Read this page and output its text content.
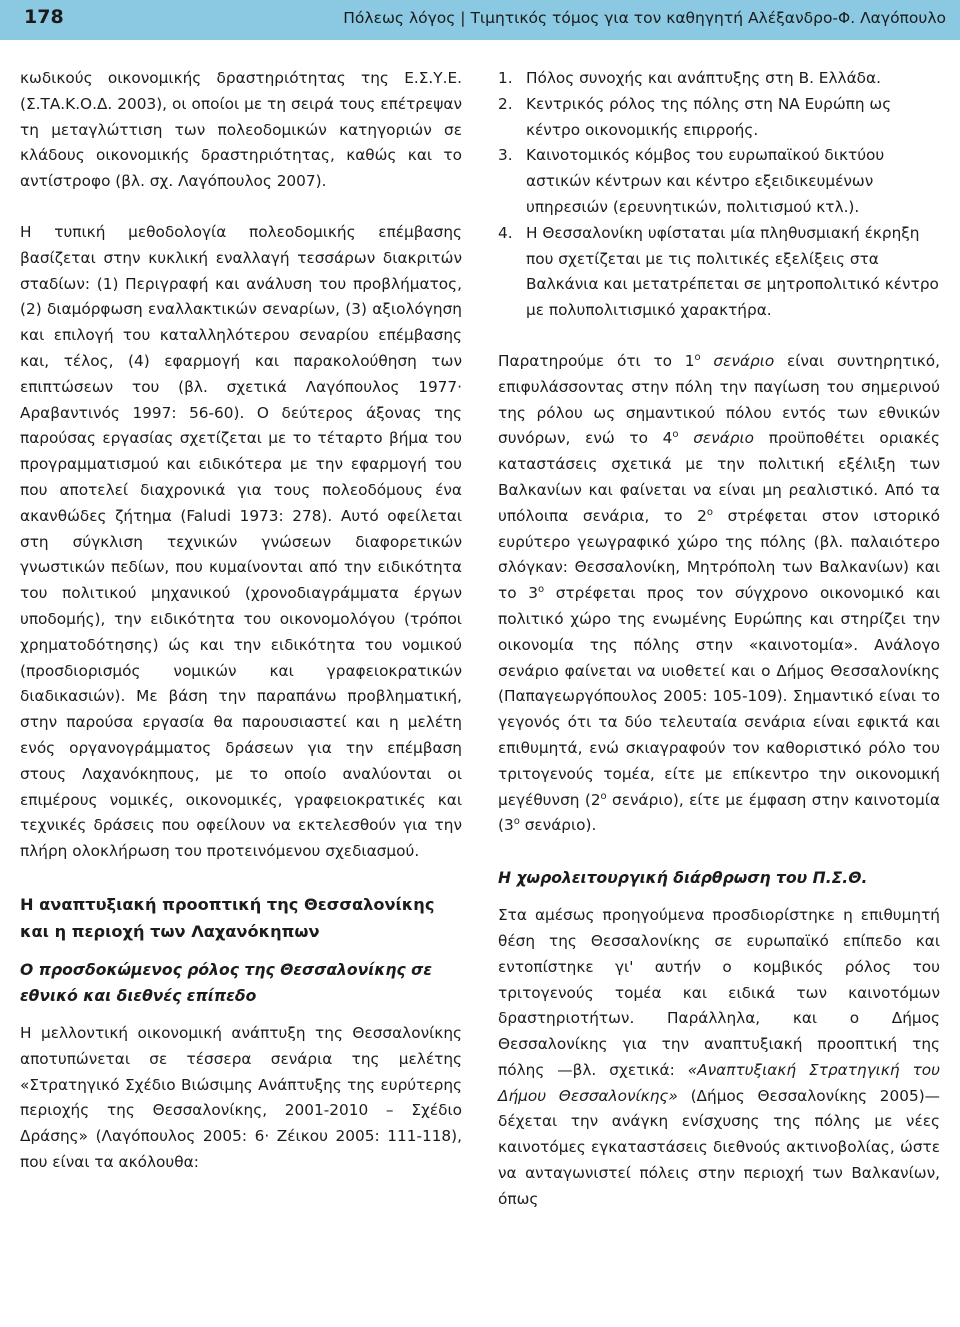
178	Πόλεως λόγος | Τιμητικός τόμος για τον καθηγητή Αλέξανδρο-Φ. Λαγόπουλο

κωδικούς οικονομικής δραστηριότητας της Ε.Σ.Υ.Ε. (Σ.ΤΑ.Κ.Ο.Δ. 2003), οι οποίοι με τη σειρά τους επέτρεψαν τη μεταγλώττιση των πολεοδομικών κατηγοριών σε κλάδους οικονομικής δραστηριότητας, καθώς και το αντίστροφο (βλ. σχ. Λαγόπουλος 2007).

Η τυπική μεθοδολογία πολεοδομικής επέμβασης βασίζεται στην κυκλική εναλλαγή τεσσάρων διακριτών σταδίων: (1) Περιγραφή και ανάλυση του προβλήματος, (2) διαμόρφωση εναλλακτικών σεναρίων, (3) αξιολόγηση και επιλογή του καταλληλότερου σεναρίου επέμβασης και, τέλος, (4) εφαρμογή και παρακολούθηση των επιπτώσεων του (βλ. σχετικά Λαγόπουλος 1977· Αραβαντινός 1997: 56-60). Ο δεύτερος άξονας της παρούσας εργασίας σχετίζεται με το τέταρτο βήμα του προγραμματισμού και ειδικότερα με την εφαρμογή του που αποτελεί διαχρονικά για τους πολεοδόμους ένα ακανθώδες ζήτημα (Faludi 1973: 278). Αυτό οφείλεται στη σύγκλιση τεχνικών γνώσεων διαφορετικών γνωστικών πεδίων, που κυμαίνονται από την ειδικότητα του πολιτικού μηχανικού (χρονοδιαγράμματα έργων υποδομής), την ειδικότητα του οικονομολόγου (τρόποι χρηματοδότησης) ώς και την ειδικότητα του νομικού (προσδιορισμός νομικών και γραφειοκρατικών διαδικασιών). Με βάση την παραπάνω προβληματική, στην παρούσα εργασία θα παρουσιαστεί και η μελέτη ενός οργανογράμματος δράσεων για την επέμβαση στους Λαχανόκηπους, με το οποίο αναλύονται οι επιμέρους νομικές, οικονομικές, γραφειοκρατικές και τεχνικές δράσεις που οφείλουν να εκτελεσθούν για την πλήρη ολοκλήρωση του προτεινόμενου σχεδιασμού.

Η αναπτυξιακή προοπτική της Θεσσαλονίκης και η περιοχή των Λαχανόκηπων
Ο προσδοκώμενος ρόλος της Θεσσαλονίκης σε εθνικό και διεθνές επίπεδο

Η μελλοντική οικονομική ανάπτυξη της Θεσσαλονίκης αποτυπώνεται σε τέσσερα σενάρια της μελέτης «Στρατηγικό Σχέδιο Βιώσιμης Ανάπτυξης της ευρύτερης περιοχής της Θεσσαλονίκης, 2001-2010 – Σχέδιο Δράσης» (Λαγόπουλος 2005: 6· Ζέικου 2005: 111-118), που είναι τα ακόλουθα:

1. Πόλος συνοχής και ανάπτυξης στη Β. Ελλάδα.
2. Κεντρικός ρόλος της πόλης στη ΝΑ Ευρώπη ως κέντρο οικονομικής επιρροής.
3. Καινοτομικός κόμβος του ευρωπαϊκού δικτύου αστικών κέντρων και κέντρο εξειδικευμένων υπηρεσιών (ερευνητικών, πολιτισμού κτλ.).
4. Η Θεσσαλονίκη υφίσταται μία πληθυσμιακή έκρηξη που σχετίζεται με τις πολιτικές εξελίξεις στα Βαλκάνια και μετατρέπεται σε μητροπολιτικό κέντρο με πολυπολιτισμικό χαρακτήρα.

Παρατηρούμε ότι το $1^o$ σενάριο είναι συντηρητικό, επιφυλάσσοντας στην πόλη την παγίωση του σημερινού της ρόλου ως σημαντικού πόλου εντός των εθνικών συνόρων, ενώ το $4^o$ σενάριο προϋποθέτει οριακές καταστάσεις σχετικά με την πολιτική εξέλιξη των Βαλκανίων και φαίνεται να είναι μη ρεαλιστικό. Από τα υπόλοιπα σενάρια, το $2^o$ στρέφεται στον ιστορικό ευρύτερο γεωγραφικό χώρο της πόλης (βλ. παλαιότερο σλόγκαν: Θεσσαλονίκη, Μητρόπολη των Βαλκανίων) και το $3^o$ στρέφεται προς τον σύγχρονο οικονομικό και πολιτικό χώρο της ενωμένης Ευρώπης και στηρίζει την οικονομία της πόλης στην «καινοτομία». Ανάλογο σενάριο φαίνεται να υιοθετεί και ο Δήμος Θεσσαλονίκης (Παπαγεωργόπουλος 2005: 105-109). Σημαντικό είναι το γεγονός ότι τα δύο τελευταία σενάρια είναι εφικτά και επιθυμητά, ενώ σκιαγραφούν τον καθοριστικό ρόλο του τριτογενούς τομέα, είτε με επίκεντρο την οικονομική μεγέθυνση ($2^o$ σενάριο), είτε με έμφαση στην καινοτομία ($3^o$ σενάριο).

Η χωρολειτουργική διάρθρωση του Π.Σ.Θ.

Στα αμέσως προηγούμενα προσδιορίστηκε η επιθυμητή θέση της Θεσσαλονίκης σε ευρωπαϊκό επίπεδο και εντοπίστηκε γι' αυτήν ο κομβικός ρόλος του τριτογενούς τομέα και ειδικά των καινοτόμων δραστηριοτήτων. Παράλληλα, και ο Δήμος Θεσσαλονίκης για την αναπτυξιακή προοπτική της πόλης —βλ. σχετικά: «Αναπτυξιακή Στρατηγική του Δήμου Θεσσαλονίκης» (Δήμος Θεσσαλονίκης 2005)— δέχεται την ανάγκη ενίσχυσης της πόλης με νέες καινοτόμες εγκαταστάσεις διεθνούς ακτινοβολίας, ώστε να ανταγωνιστεί πόλεις στην περιοχή των Βαλκανίων, όπως
